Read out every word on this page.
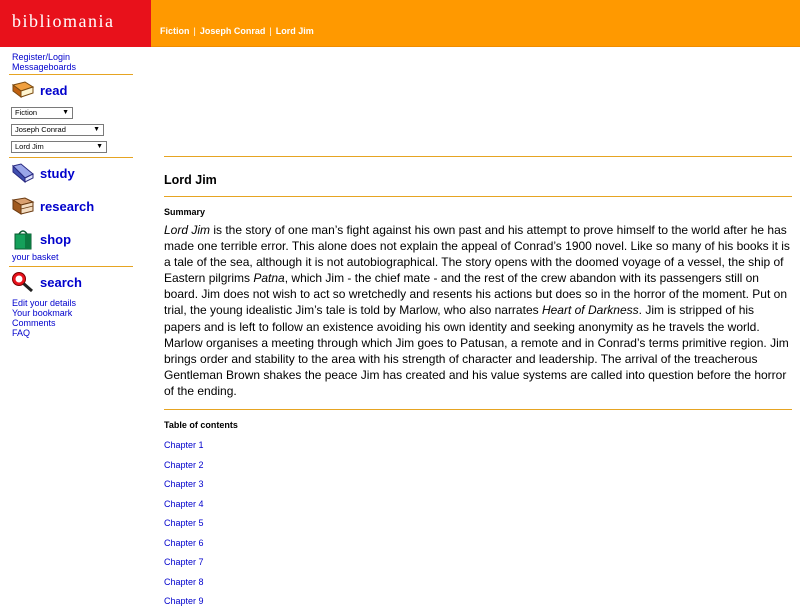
bibliomania	Fiction | Joseph Conrad | Lord Jim
Register/Login
Messageboards
read
Fiction	▼
Joseph Conrad	▼
Lord Jim	▼
study
research
shop
your basket
search
Edit your details
Your bookmark
Comments
FAQ
Lord Jim
Summary

Lord Jim is the story of one man’s fight against his own past and his attempt to prove himself to the world after he has made one terrible error. This alone does not explain the appeal of Conrad’s 1900 novel. Like so many of his books it is a tale of the sea, although it is not autobiographical. The story opens with the doomed voyage of a vessel, the ship of Eastern pilgrims Patna, which Jim - the chief mate - and the rest of the crew abandon with its passengers still on board. Jim does not wish to act so wretchedly and resents his actions but does so in the horror of the moment. Put on trial, the young idealistic Jim’s tale is told by Marlow, who also narrates Heart of Darkness. Jim is stripped of his papers and is left to follow an existence avoiding his own identity and seeking anonymity as he travels the world. Marlow organises a meeting through which Jim goes to Patusan, a remote and in Conrad’s terms primitive region. Jim brings order and stability to the area with his strength of character and leadership. The arrival of the treacherous Gentleman Brown shakes the peace Jim has created and his value systems are called into question before the horror of the ending.

Table of contents
Chapter 1
Chapter 2
Chapter 3
Chapter 4
Chapter 5
Chapter 6
Chapter 7
Chapter 8
Chapter 9
